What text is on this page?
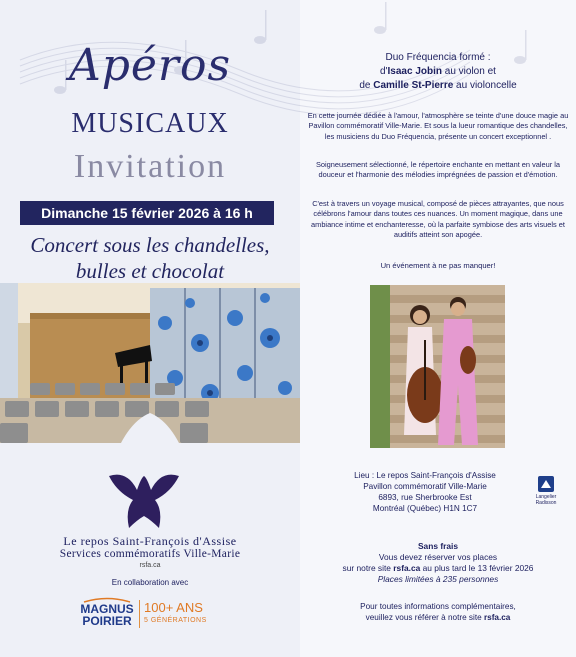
Apéros
MUSICAUX
Invitation
Dimanche 15 février 2026 à 16 h
Concert sous les chandelles,
bulles et chocolat
Le repos Saint-François d'Assise
Services commémoratifs Ville-Marie
rsfa.ca
En collaboration avec
MAGNUS
POIRIER
100+ ANS
5 GÉNÉRATIONS
Duo Fréquencia formé :
d'Isaac Jobin au violon et
de Camille St-Pierre au violoncelle
En cette journée dédiée à l'amour, l'atmosphère se teinte d'une douce magie au Pavillon commémoratif Ville-Marie. Et sous la lueur romantique des chandelles, les musiciens du Duo Fréquencia, présente un concert exceptionnel .
Soigneusement sélectionné, le répertoire enchante en mettant en valeur la douceur et l'harmonie des mélodies imprégnées de passion et d'émotion.
C'est à travers un voyage musical, composé de pièces attrayantes, que nous célébrons l'amour dans toutes ces nuances. Un moment magique, dans une ambiance intime et enchanteresse, où la parfaite symbiose des arts visuels et auditifs atteint son apogée.
Un événement à ne pas manquer!
Lieu : Le repos Saint-François d'Assise
Pavillon commémoratif Ville-Marie
6893, rue Sherbrooke Est
Montréal (Québec) H1N 1C7
Langelier
Radisson
Sans frais
Vous devez réserver vos places
sur notre site rsfa.ca au plus tard le 13 février 2026
Places limitées à 235 personnes
Pour toutes informations complémentaires,
veuillez vous référer à notre site rsfa.ca
